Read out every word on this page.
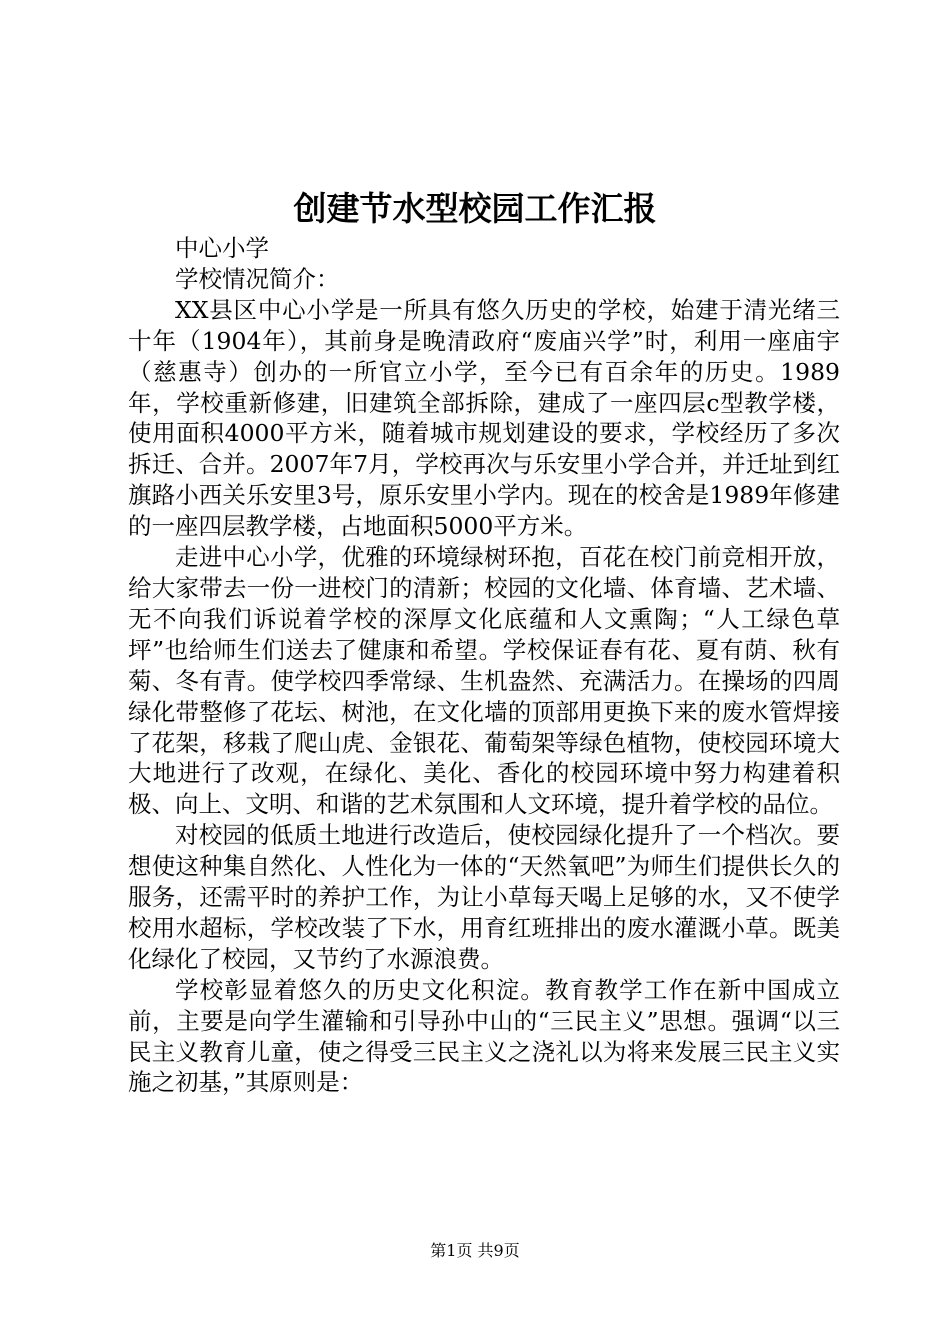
创建节水型校园工作汇报

中心小学

学校情况简介：

XX县区中心小学是一所具有悠久历史的学校，始建于清光绪三十年（1904年），其前身是晚清政府“废庙兴学”时，利用一座庙宇（慈惠寺）创办的一所官立小学，至今已有百余年的历史。1989年，学校重新修建，旧建筑全部拆除，建成了一座四层c型教学楼，使用面积4000平方米，随着城市规划建设的要求，学校经历了多次拆迁、合并。2007年7月，学校再次与乐安里小学合并，并迁址到红旗路小西关乐安里3号，原乐安里小学内。现在的校舍是1989年修建的一座四层教学楼，占地面积5000平方米。

走进中心小学，优雅的环境绿树环抱，百花在校门前竞相开放，给大家带去一份一进校门的清新；校园的文化墙、体育墙、艺术墙、无不向我们诉说着学校的深厚文化底蕴和人文熏陶；“人工绿色草坪”也给师生们送去了健康和希望。学校保证春有花、夏有荫、秋有菊、冬有青。使学校四季常绿、生机盎然、充满活力。在操场的四周绿化带整修了花坛、树池，在文化墙的顶部用更换下来的废水管焊接了花架，移栽了爬山虎、金银花、葡萄架等绿色植物，使校园环境大大地进行了改观，在绿化、美化、香化的校园环境中努力构建着积极、向上、文明、和谐的艺术氛围和人文环境，提升着学校的品位。

对校园的低质土地进行改造后，使校园绿化提升了一个档次。要想使这种集自然化、人性化为一体的“天然氧吧”为师生们提供长久的服务，还需平时的养护工作，为让小草每天喝上足够的水，又不使学校用水超标，学校改装了下水，用育红班排出的废水灌溉小草。既美化绿化了校园，又节约了水源浪费。

学校彰显着悠久的历史文化积淀。教育教学工作在新中国成立前，主要是向学生灌输和引导孙中山的“三民主义”思想。强调“以三民主义教育儿童，使之得受三民主义之浇礼以为将来发展三民主义实施之初基，”其原则是：

第1页 共9页
